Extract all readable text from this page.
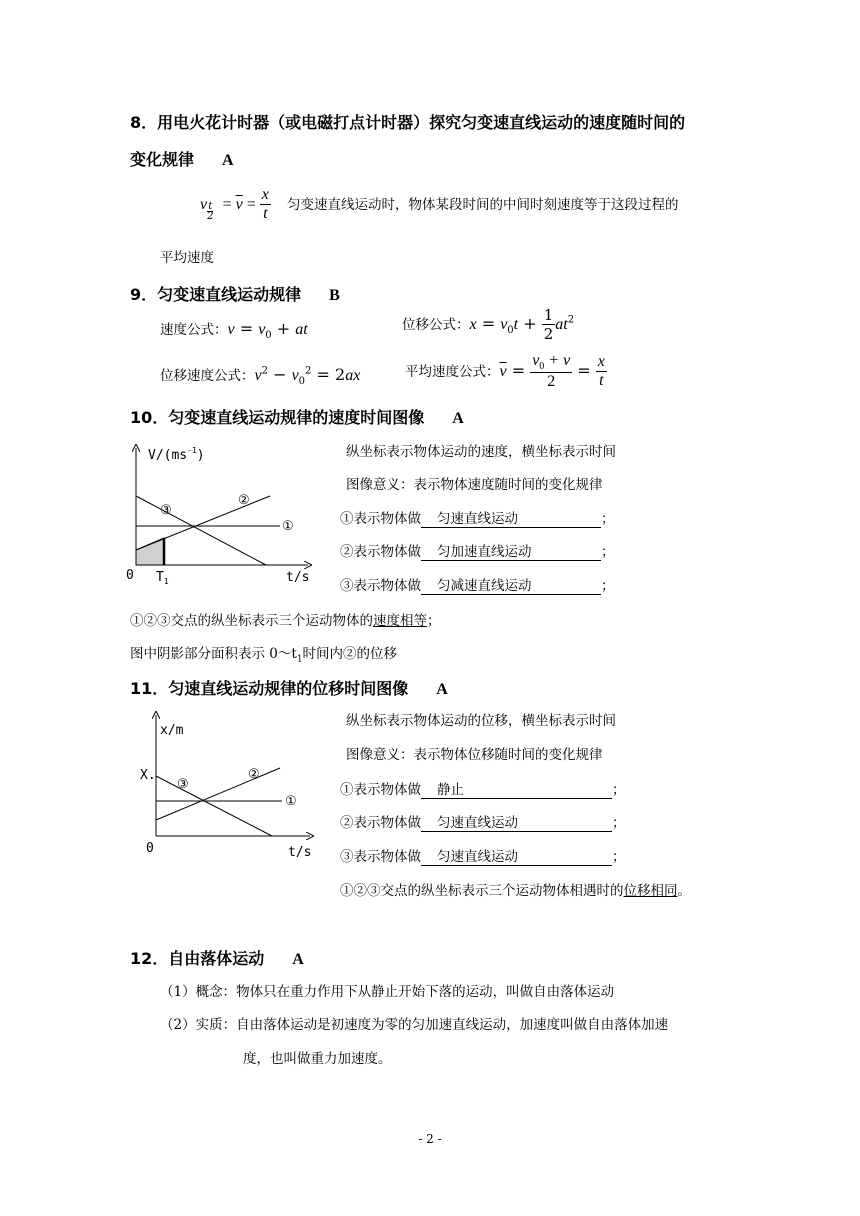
8．用电火花计时器（或电磁打点计时器）探究匀变速直线运动的速度随时间的
变化规律 A
v $\frac{t}{2} = \overline{v} = \frac{x}{t}$ 匀变速直线运动时，物体某段时间的中间时刻速度等于这段过程的
平均速度
9．匀变速直线运动规律 B
速度公式：$v = v_0$ + at	位移公式：$x = v_0t + \frac{1}{2} at^2$
位移速度公式：$v^2 - v_0^2 = 2ax$	平均速度公式：$\overline{v} = \frac{v_0 + v}{2} = \frac{x}{t}$
10．匀变速直线运动规律的速度时间图像 A
$V/(ms^{-1})$
①
②
③
0 $T_1$	t/s
纵坐标表示物体运动的速度，横坐标表示时间
图像意义：表示物体速度随时间的变化规律
①表示物体做 匀速直线运动	；
②表示物体做 匀加速直线运动	；
③表示物体做 匀减速直线运动	；
①②③交点的纵坐标表示三个运动物体的速度相等；
图中阴影部分面积表示 $0\sim t_1$时间内②的位移
11．匀速直线运动规律的位移时间图像 A
x/m
X.
①
②
③
0	t/s
纵坐标表示物体运动的位移，横坐标表示时间
图像意义：表示物体位移随时间的变化规律
①表示物体做 静止	；
②表示物体做 匀速直线运动	；
③表示物体做 匀速直线运动	；
①②③交点的纵坐标表示三个运动物体相遇时的位移相同。
12．自由落体运动 A
（1）概念：物体只在重力作用下从静止开始下落的运动，叫做自由落体运动
（2）实质：自由落体运动是初速度为零的匀加速直线运动，加速度叫做自由落体加速
度，也叫做重力加速度。
- 2 -
